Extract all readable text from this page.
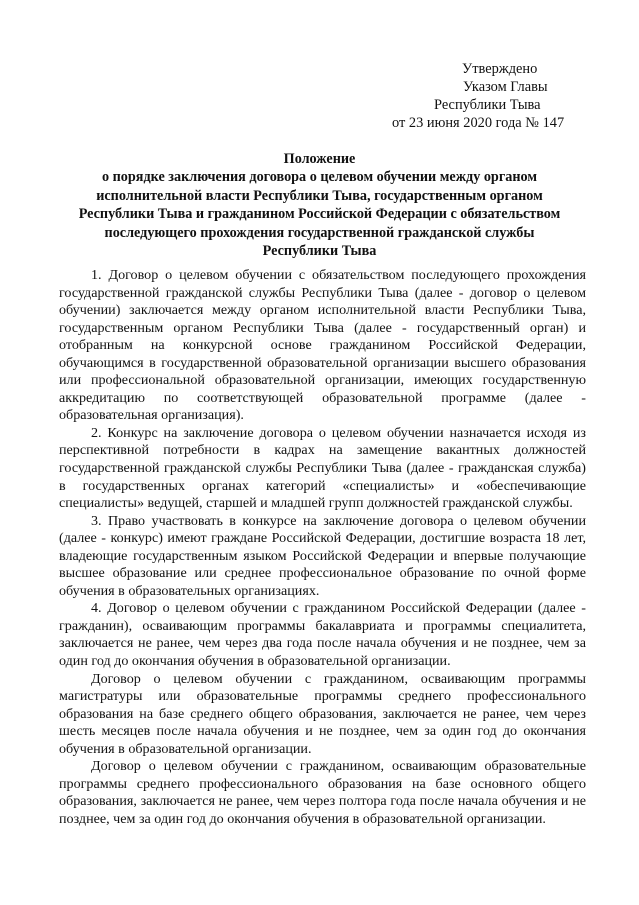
Утверждено
Указом Главы
Республики Тыва
от 23 июня 2020 года № 147
Положение
о порядке заключения договора о целевом обучении между органом
исполнительной власти Республики Тыва, государственным органом
Республики Тыва и гражданином Российской Федерации с обязательством
последующего прохождения государственной гражданской службы
Республики Тыва

1. Договор о целевом обучении с обязательством последующего прохождения государственной гражданской службы Республики Тыва (далее - договор о целевом обучении) заключается между органом исполнительной власти Республики Тыва, государственным органом Республики Тыва (далее - государственный орган) и отобранным на конкурсной основе гражданином Российской Федерации, обучающимся в государственной образовательной организации высшего образования или профессиональной образовательной организации, имеющих государственную аккредитацию по соответствующей образовательной программе (далее - образовательная организация).

2. Конкурс на заключение договора о целевом обучении назначается исходя из перспективной потребности в кадрах на замещение вакантных должностей государственной гражданской службы Республики Тыва (далее - гражданская служба) в государственных органах категорий «специалисты» и «обеспечивающие специалисты» ведущей, старшей и младшей групп должностей гражданской службы.

3. Право участвовать в конкурсе на заключение договора о целевом обучении (далее - конкурс) имеют граждане Российской Федерации, достигшие возраста 18 лет, владеющие государственным языком Российской Федерации и впервые получающие высшее образование или среднее профессиональное образование по очной форме обучения в образовательных организациях.

4. Договор о целевом обучении с гражданином Российской Федерации (далее - гражданин), осваивающим программы бакалавриата и программы специалитета, заключается не ранее, чем через два года после начала обучения и не позднее, чем за один год до окончания обучения в образовательной организации.

Договор о целевом обучении с гражданином, осваивающим программы магистратуры или образовательные программы среднего профессионального образования на базе среднего общего образования, заключается не ранее, чем через шесть месяцев после начала обучения и не позднее, чем за один год до окончания обучения в образовательной организации.

Договор о целевом обучении с гражданином, осваивающим образовательные программы среднего профессионального образования на базе основного общего образования, заключается не ранее, чем через полтора года после начала обучения и не позднее, чем за один год до окончания обучения в образовательной организации.
